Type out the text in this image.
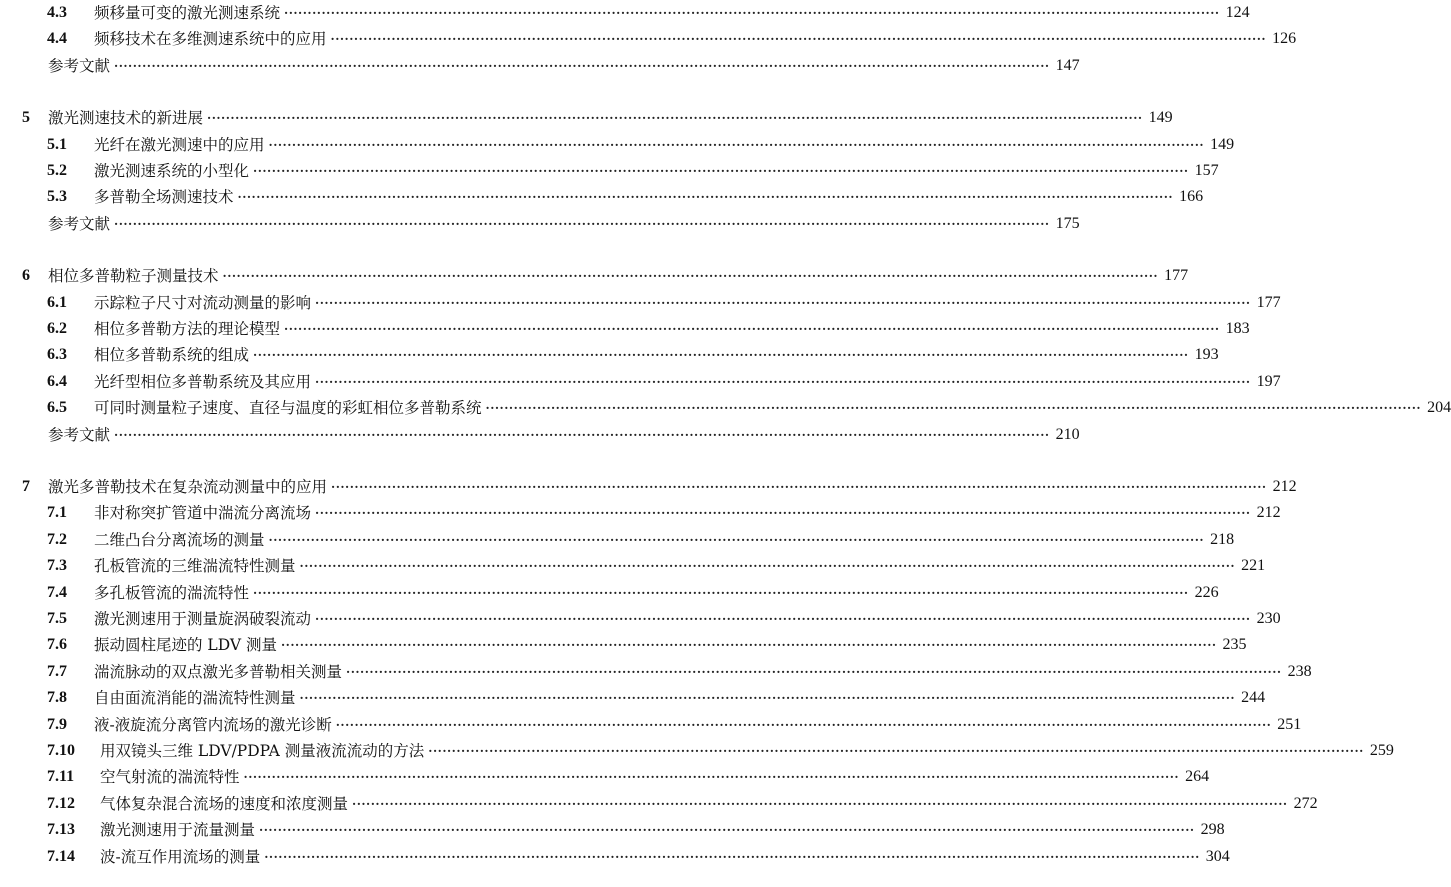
4.3 频移量可变的激光测速系统 ········································································································································································································ 124
4.4 频移技术在多维测速系统中的应用 ········································································································································································································ 126
参考文献 ········································································································································································································ 147
5 激光测速技术的新进展 ········································································································································································································ 149
5.1 光纤在激光测速中的应用 ········································································································································································································ 149
5.2 激光测速系统的小型化 ········································································································································································································ 157
5.3 多普勒全场测速技术 ········································································································································································································ 166
参考文献 ········································································································································································································ 175
6 相位多普勒粒子测量技术 ········································································································································································································ 177
6.1 示踪粒子尺寸对流动测量的影响 ········································································································································································································ 177
6.2 相位多普勒方法的理论模型 ········································································································································································································ 183
6.3 相位多普勒系统的组成 ········································································································································································································ 193
6.4 光纤型相位多普勒系统及其应用 ········································································································································································································ 197
6.5 可同时测量粒子速度、直径与温度的彩虹相位多普勒系统 ········································································································································································································ 204
参考文献 ········································································································································································································ 210
7 激光多普勒技术在复杂流动测量中的应用 ········································································································································································································ 212
7.1 非对称突扩管道中湍流分离流场 ········································································································································································································ 212
7.2 二维凸台分离流场的测量 ········································································································································································································ 218
7.3 孔板管流的三维湍流特性测量 ········································································································································································································ 221
7.4 多孔板管流的湍流特性 ········································································································································································································ 226
7.5 激光测速用于测量旋涡破裂流动 ········································································································································································································ 230
7.6 振动圆柱尾迹的 LDV 测量 ········································································································································································································ 235
7.7 湍流脉动的双点激光多普勒相关测量 ········································································································································································································ 238
7.8 自由面流消能的湍流特性测量 ········································································································································································································ 244
7.9 液-液旋流分离管内流场的激光诊断 ········································································································································································································ 251
7.10 用双镜头三维 LDV/PDPA 测量液流流动的方法 ········································································································································································································ 259
7.11 空气射流的湍流特性 ········································································································································································································ 264
7.12 气体复杂混合流场的速度和浓度测量 ········································································································································································································ 272
7.13 激光测速用于流量测量 ········································································································································································································ 298
7.14 波-流互作用流场的测量 ········································································································································································································ 304
